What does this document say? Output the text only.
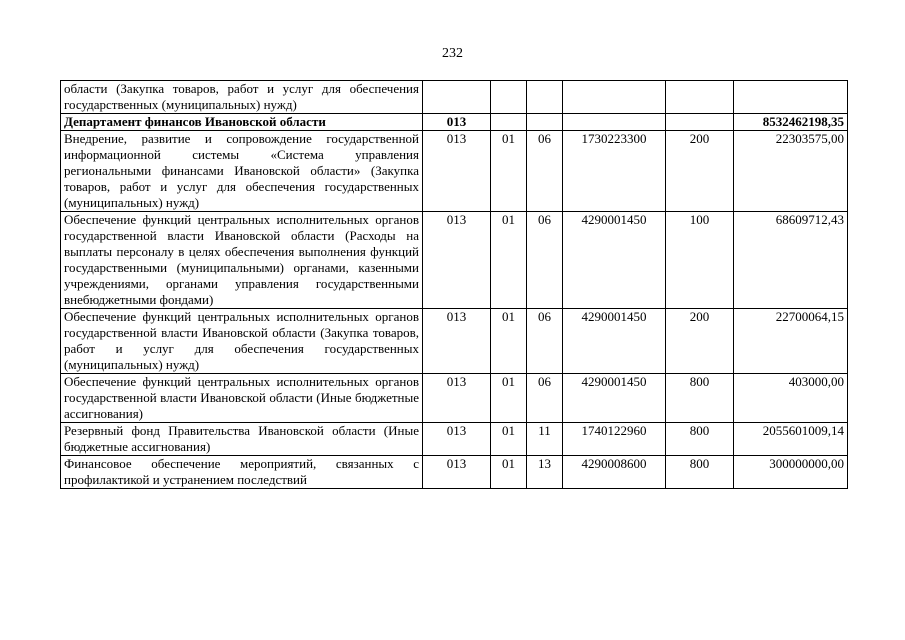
232
области (Закупка товаров, работ и услуг для обеспечения государственных (муниципальных) нужд)						
Департамент финансов Ивановской области	013					8532462198,35
Внедрение, развитие и сопровождение государственной информационной системы «Система управления региональными финансами Ивановской области» (Закупка товаров, работ и услуг для обеспечения государственных (муниципальных) нужд)	013	01	06	1730223300	200	22303575,00
Обеспечение функций центральных исполнительных органов государственной власти Ивановской области (Расходы на выплаты персоналу в целях обеспечения выполнения функций государственными (муниципальными) органами, казенными учреждениями, органами управления государственными внебюджетными фондами)	013	01	06	4290001450	100	68609712,43
Обеспечение функций центральных исполнительных органов государственной власти Ивановской области (Закупка товаров, работ и услуг для обеспечения государственных (муниципальных) нужд)	013	01	06	4290001450	200	22700064,15
Обеспечение функций центральных исполнительных органов государственной власти Ивановской области (Иные бюджетные ассигнования)	013	01	06	4290001450	800	403000,00
Резервный фонд Правительства Ивановской области (Иные бюджетные ассигнования)	013	01	11	1740122960	800	2055601009,14

Финансовое обеспечение мероприятий, связанных с профилактикой и устранением последствий	013	01	13	4290008600	800	300000000,00
